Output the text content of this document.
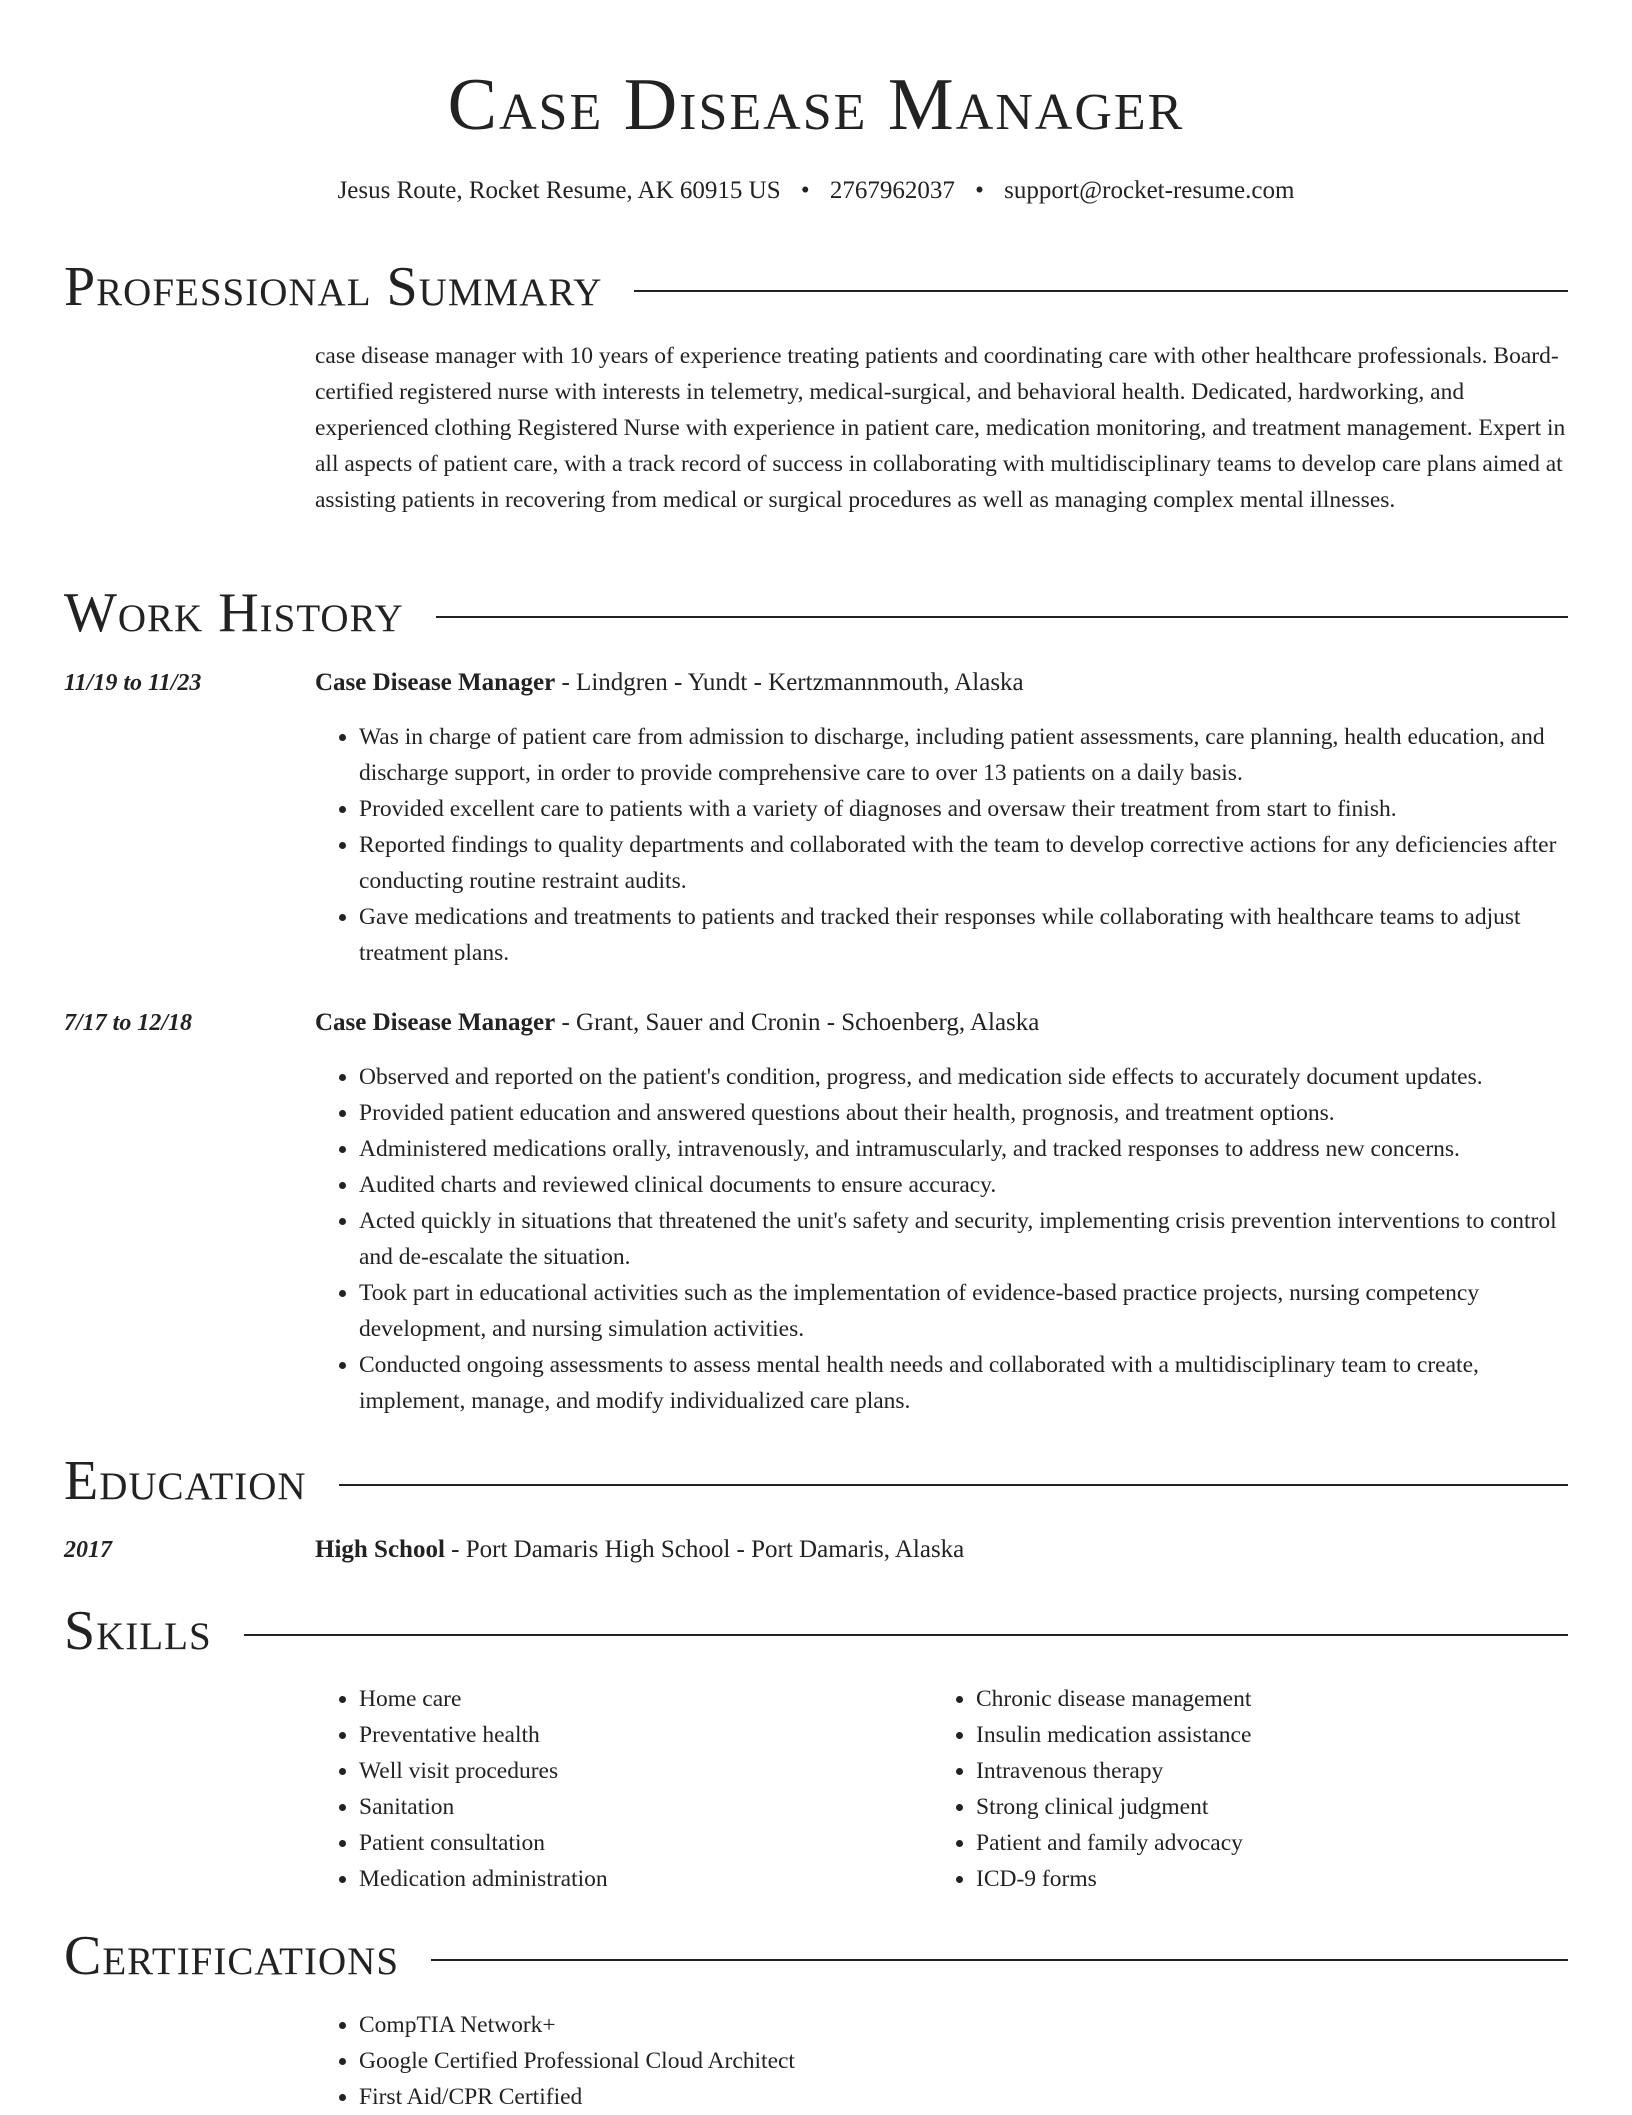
Case Disease Manager
Jesus Route, Rocket Resume, AK 60915 US • 2767962037 • support@rocket-resume.com
Professional Summary
case disease manager with 10 years of experience treating patients and coordinating care with other healthcare professionals. Board-certified registered nurse with interests in telemetry, medical-surgical, and behavioral health. Dedicated, hardworking, and experienced clothing Registered Nurse with experience in patient care, medication monitoring, and treatment management. Expert in all aspects of patient care, with a track record of success in collaborating with multidisciplinary teams to develop care plans aimed at assisting patients in recovering from medical or surgical procedures as well as managing complex mental illnesses.
Work History
11/19 to 11/23	Case Disease Manager - Lindgren - Yundt - Kertzmannmouth, Alaska
• Was in charge of patient care from admission to discharge, including patient assessments, care planning, health education, and discharge support, in order to provide comprehensive care to over 13 patients on a daily basis.
• Provided excellent care to patients with a variety of diagnoses and oversaw their treatment from start to finish.
• Reported findings to quality departments and collaborated with the team to develop corrective actions for any deficiencies after conducting routine restraint audits.
• Gave medications and treatments to patients and tracked their responses while collaborating with healthcare teams to adjust treatment plans.
7/17 to 12/18	Case Disease Manager - Grant, Sauer and Cronin - Schoenberg, Alaska
• Observed and reported on the patient's condition, progress, and medication side effects to accurately document updates.
• Provided patient education and answered questions about their health, prognosis, and treatment options.
• Administered medications orally, intravenously, and intramuscularly, and tracked responses to address new concerns.
• Audited charts and reviewed clinical documents to ensure accuracy.
• Acted quickly in situations that threatened the unit's safety and security, implementing crisis prevention interventions to control and de-escalate the situation.
• Took part in educational activities such as the implementation of evidence-based practice projects, nursing competency development, and nursing simulation activities.
• Conducted ongoing assessments to assess mental health needs and collaborated with a multidisciplinary team to create, implement, manage, and modify individualized care plans.
Education
2017	High School - Port Damaris High School - Port Damaris, Alaska
Skills
• Home care
• Preventative health
• Well visit procedures
• Sanitation
• Patient consultation
• Medication administration
• Chronic disease management
• Insulin medication assistance
• Intravenous therapy
• Strong clinical judgment
• Patient and family advocacy
• ICD-9 forms
Certifications
• CompTIA Network+
• Google Certified Professional Cloud Architect
• First Aid/CPR Certified
